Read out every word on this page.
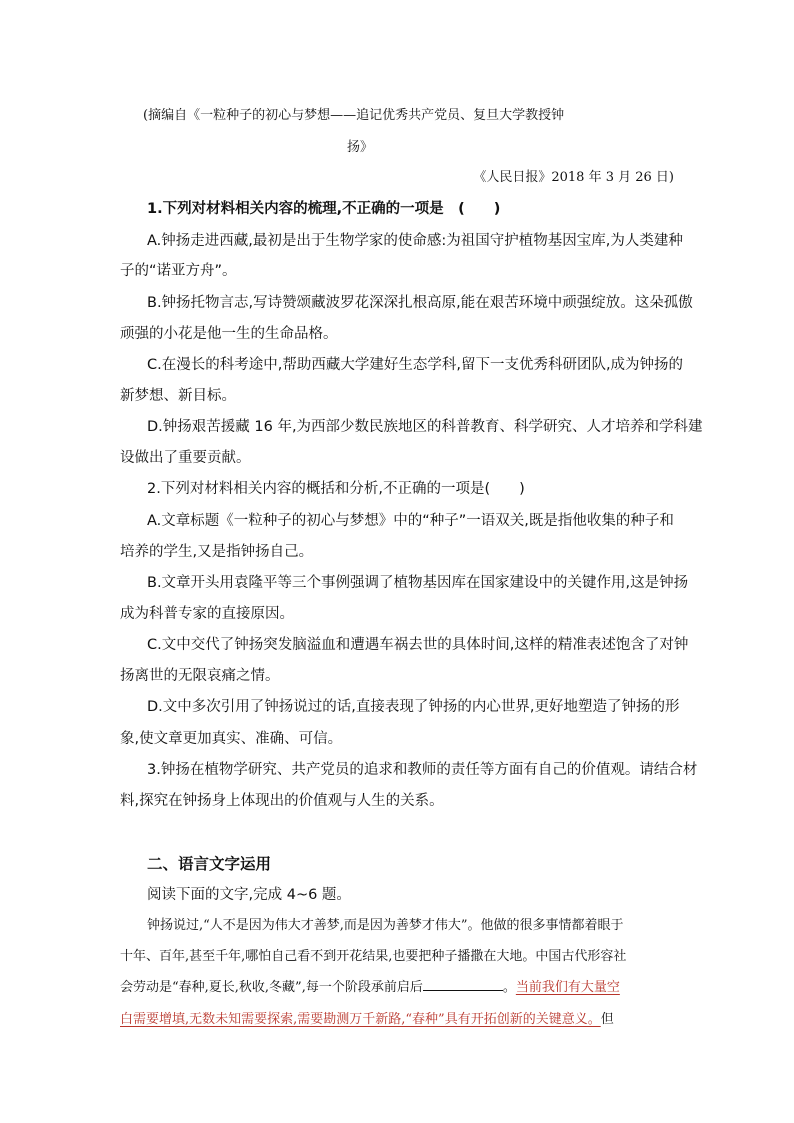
(摘编自《一粒种子的初心与梦想——追记优秀共产党员、复旦大学教授钟
扬》
《人民日报》2018 年 3 月 26 日)
1.下列对材料相关内容的梳理,不正确的一项是　(　　)
A.钟扬走进西藏,最初是出于生物学家的使命感:为祖国守护植物基因宝库,为人类建种
子的“诺亚方舟”。
B.钟扬托物言志,写诗赞颂藏波罗花深深扎根高原,能在艰苦环境中顽强绽放。这朵孤傲
顽强的小花是他一生的生命品格。
C.在漫长的科考途中,帮助西藏大学建好生态学科,留下一支优秀科研团队,成为钟扬的
新梦想、新目标。
D.钟扬艰苦援藏 16 年,为西部少数民族地区的科普教育、科学研究、人才培养和学科建
设做出了重要贡献。
2.下列对材料相关内容的概括和分析,不正确的一项是(　　)
A.文章标题《一粒种子的初心与梦想》中的“种子”一语双关,既是指他收集的种子和
培养的学生,又是指钟扬自己。
B.文章开头用袁隆平等三个事例强调了植物基因库在国家建设中的关键作用,这是钟扬
成为科普专家的直接原因。
C.文中交代了钟扬突发脑溢血和遭遇车祸去世的具体时间,这样的精准表述饱含了对钟
扬离世的无限哀痛之情。
D.文中多次引用了钟扬说过的话,直接表现了钟扬的内心世界,更好地塑造了钟扬的形
象,使文章更加真实、准确、可信。
3.钟扬在植物学研究、共产党员的追求和教师的责任等方面有自己的价值观。请结合材
料,探究在钟扬身上体现出的价值观与人生的关系。
二、语言文字运用
阅读下面的文字,完成 4~6 题。
钟扬说过,“人不是因为伟大才善梦,而是因为善梦才伟大”。他做的很多事情都着眼于
十年、百年,甚至千年,哪怕自己看不到开花结果,也要把种子播撒在大地。中国古代形容社
会劳动是“春种,夏长,秋收,冬藏”,每一个阶段承前启后	。当前我们有大量空
白需要增填,无数未知需要探索,需要勘测万千新路,“春种”具有开拓创新的关键意义。但
